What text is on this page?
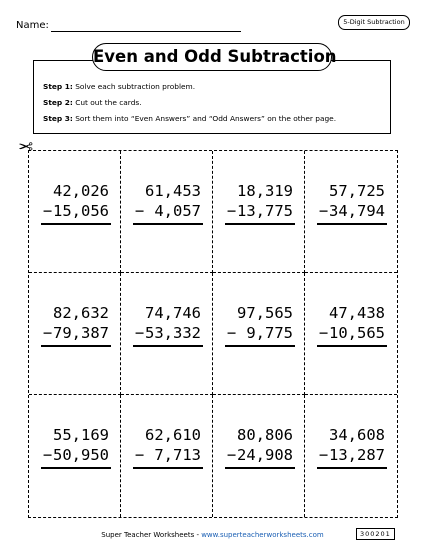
Name:	5-Digit Subtraction
Even and Odd Subtraction
Step 1: Solve each subtraction problem.
Step 2: Cut out the cards.
Step 3: Sort them into “Even Answers” and “Odd Answers” on the other page.
✂
42,026
− 15,056
61,453
− 4,057
18,319
− 13,775
57,725
− 34,794
82,632
− 79,387
74,746
− 53,332
97,565
− 9,775
47,438
− 10,565
55,169
− 50,950
62,610
− 7,713
80,806
− 24,908
34,608
− 13,287
Super Teacher Worksheets - www.superteacherworksheets.com	300201
